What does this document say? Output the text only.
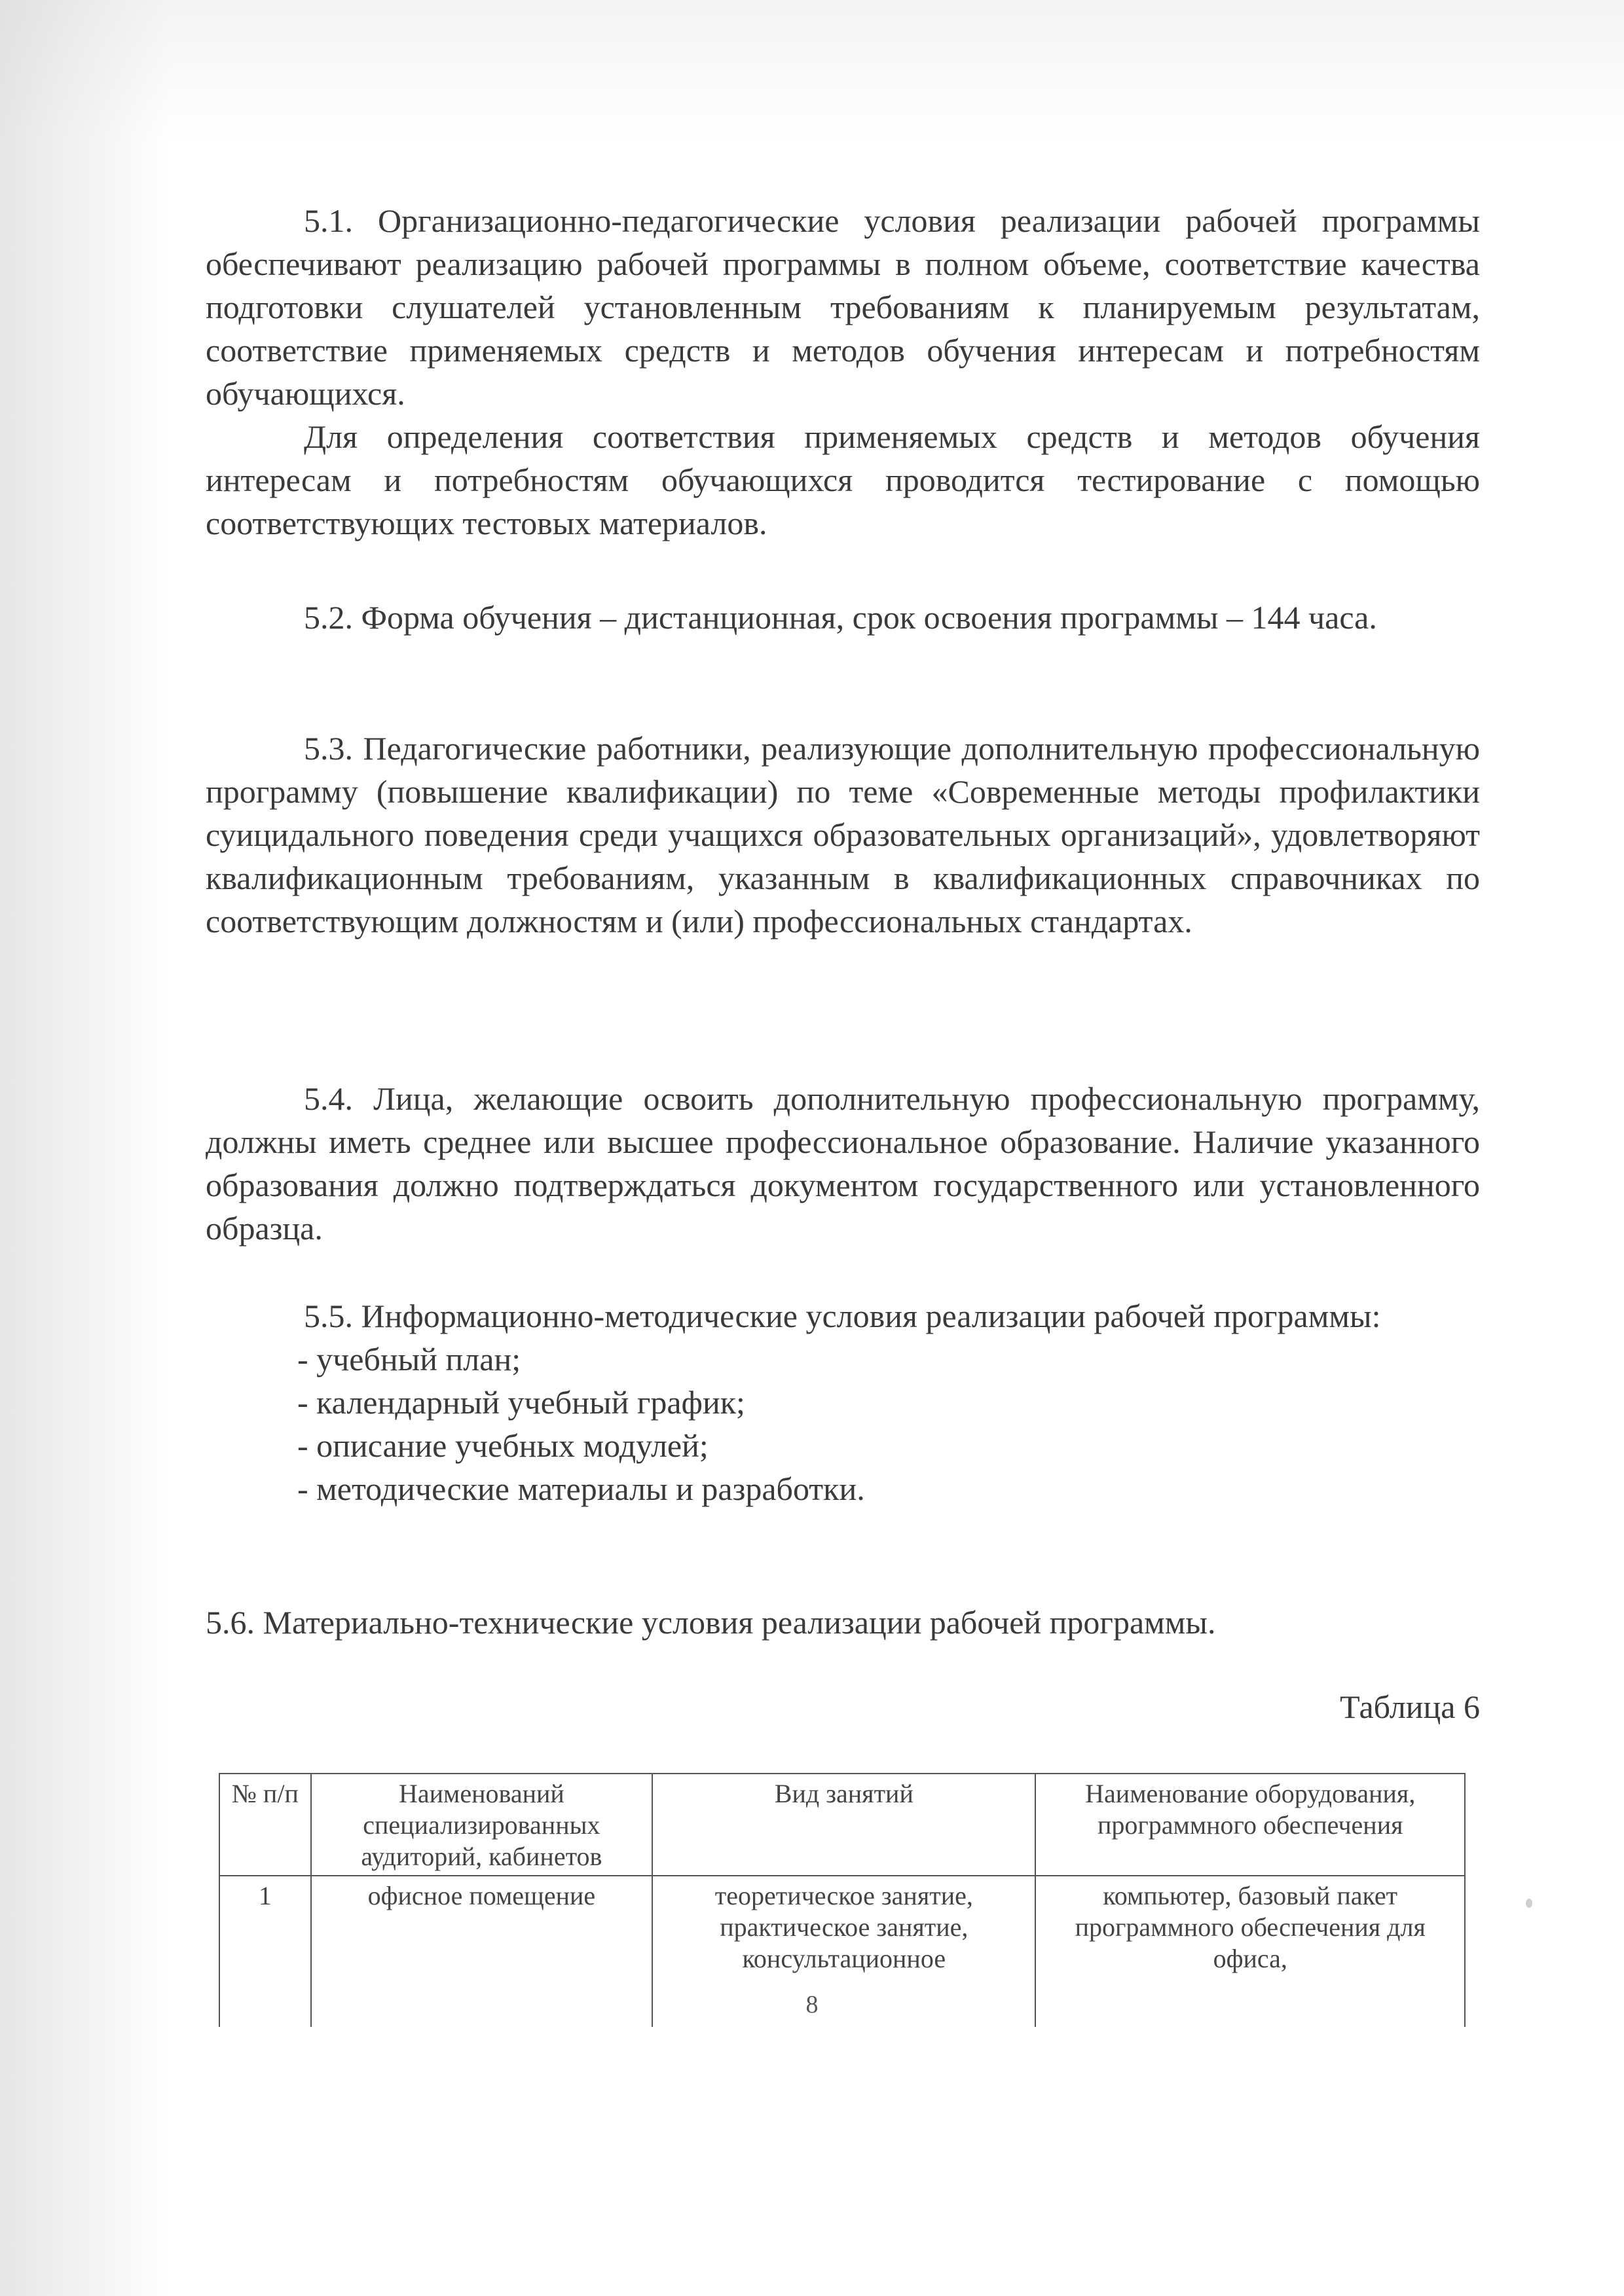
5.1. Организационно-педагогические условия реализации рабочей программы обеспечивают реализацию рабочей программы в полном объеме, соответствие качества подготовки слушателей установленным требованиям к планируемым результатам, соответствие применяемых средств и методов обучения интересам и потребностям обучающихся.

Для определения соответствия применяемых средств и методов обучения интересам и потребностям обучающихся проводится тестирование с помощью соответствующих тестовых материалов.

5.2. Форма обучения – дистанционная, срок освоения программы – 144 часа.

5.3. Педагогические работники, реализующие дополнительную профессиональную программу (повышение квалификации) по теме «Современные методы профилактики суицидального поведения среди учащихся образовательных организаций», удовлетворяют квалификационным требованиям, указанным в квалификационных справочниках по соответствующим должностям и (или) профессиональных стандартах.

5.4. Лица, желающие освоить дополнительную профессиональную программу, должны иметь среднее или высшее профессиональное образование. Наличие указанного образования должно подтверждаться документом государственного или установленного образца.

5.5. Информационно-методические условия реализации рабочей программы:

- учебный план;

- календарный учебный график;

- описание учебных модулей;

- методические материалы и разработки.

5.6. Материально-технические условия реализации рабочей программы.
Таблица 6
№ п/п	Наименований специализированных аудиторий, кабинетов	Вид занятий	Наименование оборудования, программного обеспечения
1	офисное помещение	теоретическое занятие, практическое занятие, консультационное	компьютер, базовый пакет программного обеспечения для офиса,
8
